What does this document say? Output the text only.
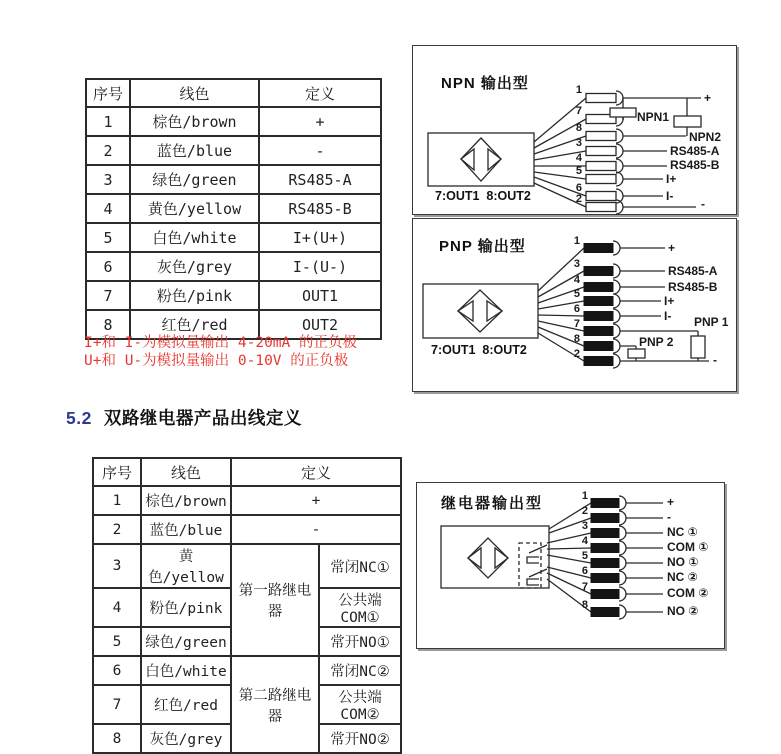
序号	线色	定义
1	棕色/brown	+
2	蓝色/blue	-
3	绿色/green	RS485-A
4	黄色/yellow	RS485-B
5	白色/white	I+(U+)
6	灰色/grey	I-(U-)
7	粉色/pink	OUT1
8	红色/red	OUT2
I+和 I-为模拟量输出 4-20mA 的正负极
U+和 U-为模拟量输出 0-10V 的正负极
5.2 双路继电器产品出线定义
序号	线色	定义	
1	棕色/brown	+	
2	蓝色/blue	-	
3	黄色/yellow	第一路继电器	常闭NC①
4	粉色/pink		公共端COM①
5	绿色/green		常开NO①
6	白色/white	第二路继电器	常闭NC②
7	红色/red		公共端COM②
8	灰色/grey		常开NO②
NPN 输出型
7:OUT1  8:OUT2
1
7
8
3
4
5
6
2
+
NPN1
NPN2
RS485-A
RS485-B
I+
I-
-
PNP 输出型
7:OUT1  8:OUT2
1
3
4
5
6
7
8
2
+
RS485-A
RS485-B
I+
I- PNP 1
PNP 2
-
继电器输出型	1
2
3
4
5
6
7
8
+
-
NC ①
COM ①
NO ①
NC ②
COM ②
NO ②
